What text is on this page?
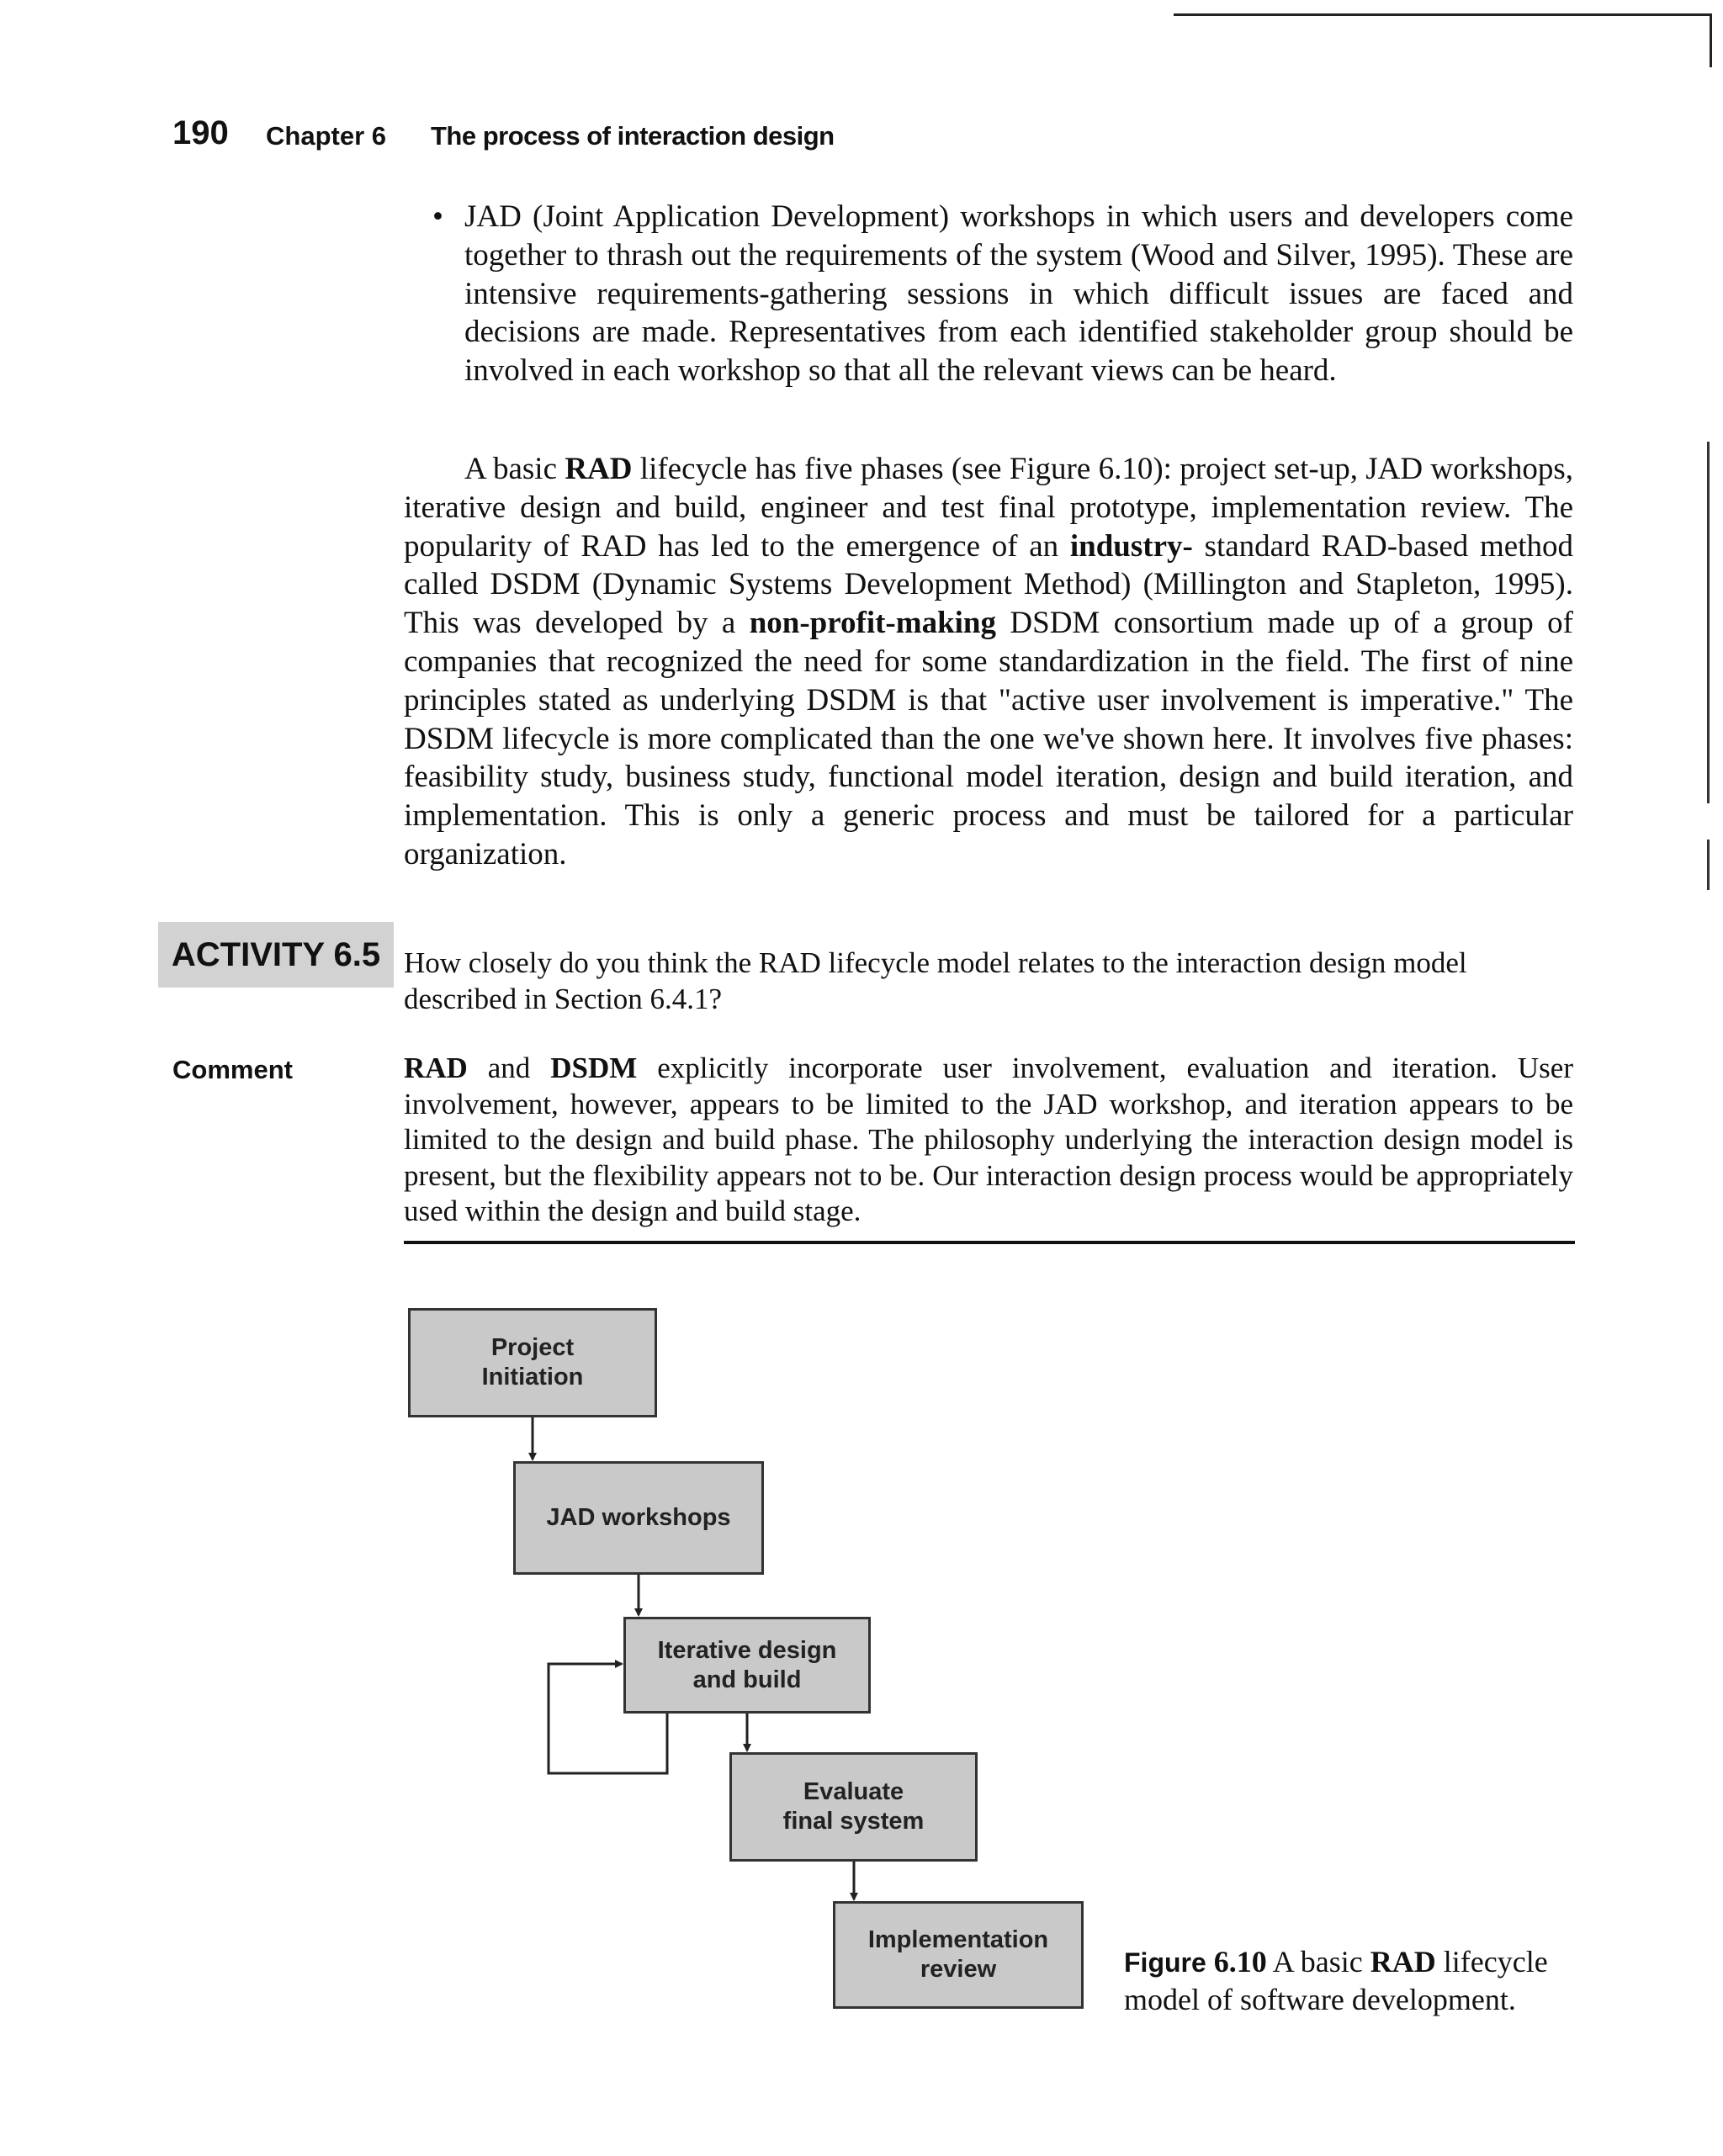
190 Chapter 6 The process of interaction design
• JAD (Joint Application Development) workshops in which users and developers come together to thrash out the requirements of the system (Wood and Silver, 1995). These are intensive requirements-gathering sessions in which difficult issues are faced and decisions are made. Representatives from each identified stakeholder group should be involved in each workshop so that all the relevant views can be heard.
A basic RAD lifecycle has five phases (see Figure 6.10): project set-up, JAD workshops, iterative design and build, engineer and test final prototype, implementation review. The popularity of RAD has led to the emergence of an industry- standard RAD-based method called DSDM (Dynamic Systems Development Method) (Millington and Stapleton, 1995). This was developed by a non-profit-making DSDM consortium made up of a group of companies that recognized the need for some standardization in the field. The first of nine principles stated as underlying DSDM is that "active user involvement is imperative." The DSDM lifecycle is more complicated than the one we've shown here. It involves five phases: feasibility study, business study, functional model iteration, design and build iteration, and implementation. This is only a generic process and must be tailored for a particular organization.
ACTIVITY 6.5 How closely do you think the RAD lifecycle model relates to the interaction design model described in Section 6.4.1?
Comment	RAD and DSDM explicitly incorporate user involvement, evaluation and iteration. User involvement, however, appears to be limited to the JAD workshop, and iteration appears to be limited to the design and build phase. The philosophy underlying the interaction design model is present, but the flexibility appears not to be. Our interaction design process would be appropriately used within the design and build stage.
Project
Initiation
JAD workshops
Iterative design
and build
Evaluate
final system
Implementation
review	Figure 6.10 A basic RAD lifecycle model of software development.
